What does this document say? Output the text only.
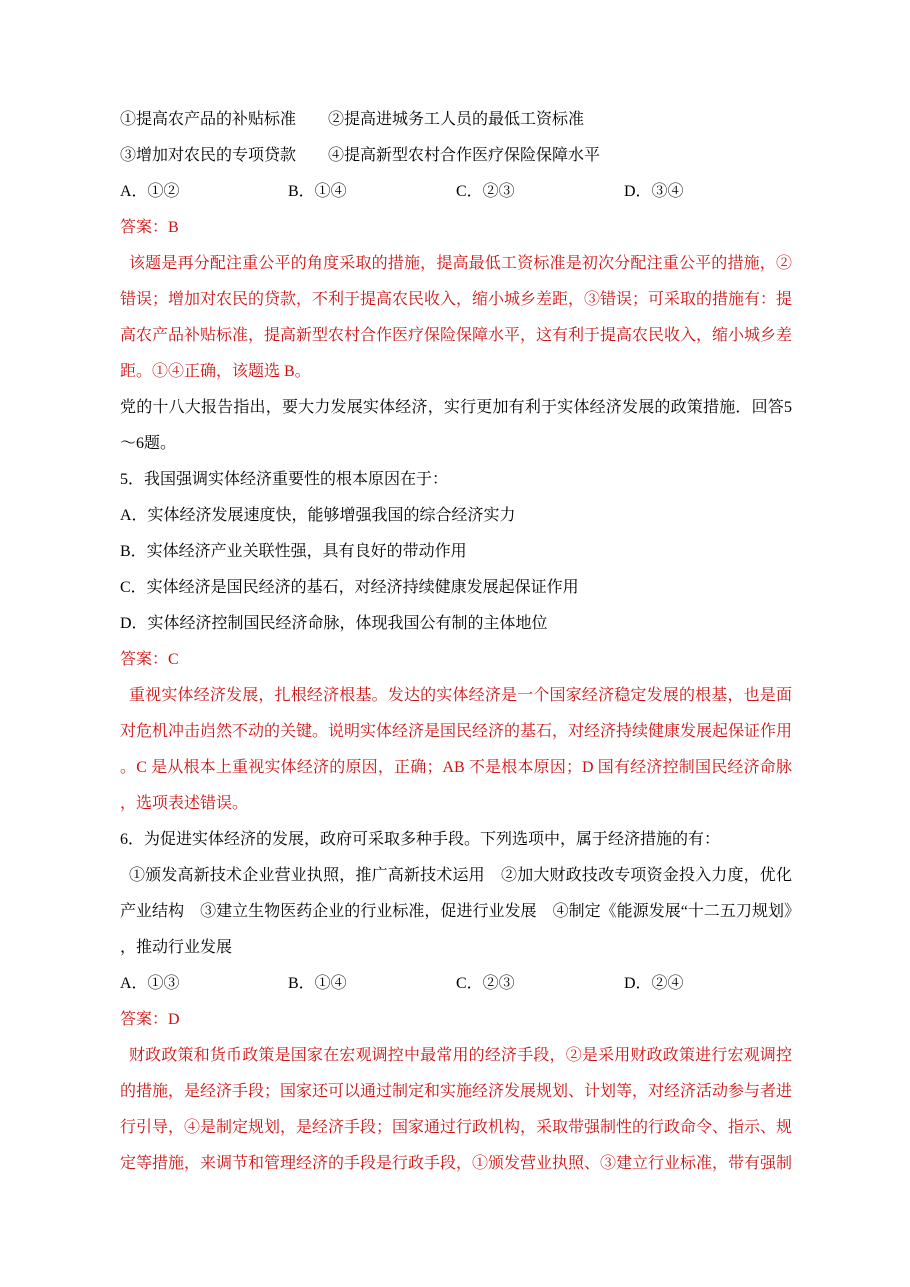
①提高农产品的补贴标准　　②提高进城务工人员的最低工资标准

③增加对农民的专项贷款　　④提高新型农村合作医疗保险保障水平

A．①②	B．①④	C．②③	D．③④

答案：B

该题是再分配注重公平的角度采取的措施，提高最低工资标准是初次分配注重公平的措施，②错误；增加对农民的贷款，不利于提高农民收入，缩小城乡差距，③错误；可采取的措施有：提高农产品补贴标准，提高新型农村合作医疗保险保障水平，这有利于提高农民收入，缩小城乡差距。①④正确，该题选 B。

党的十八大报告指出，要大力发展实体经济，实行更加有利于实体经济发展的政策措施．回答5～6题。

5．我国强调实体经济重要性的根本原因在于：

A．实体经济发展速度快，能够增强我国的综合经济实力

B．实体经济产业关联性强，具有良好的带动作用

C．实体经济是国民经济的基石，对经济持续健康发展起保证作用

D．实体经济控制国民经济命脉，体现我国公有制的主体地位

答案：C

重视实体经济发展，扎根经济根基。发达的实体经济是一个国家经济稳定发展的根基，也是面对危机冲击岿然不动的关键。说明实体经济是国民经济的基石，对经济持续健康发展起保证作用。C 是从根本上重视实体经济的原因，正确；AB 不是根本原因；D 国有经济控制国民经济命脉，选项表述错误。

6．为促进实体经济的发展，政府可采取多种手段。下列选项中，属于经济措施的有：

①颁发高新技术企业营业执照，推广高新技术运用　②加大财政技改专项资金投入力度，优化产业结构　③建立生物医药企业的行业标准，促进行业发展　④制定《能源发展“十二五刀规划》，推动行业发展

A．①③	B．①④	C．②③	D．②④

答案：D

财政政策和货币政策是国家在宏观调控中最常用的经济手段，②是采用财政政策进行宏观调控的措施，是经济手段；国家还可以通过制定和实施经济发展规划、计划等，对经济活动参与者进行引导，④是制定规划，是经济手段；国家通过行政机构，采取带强制性的行政命令、指示、规定等措施，来调节和管理经济的手段是行政手段，①颁发营业执照、③建立行业标准，带有强制
